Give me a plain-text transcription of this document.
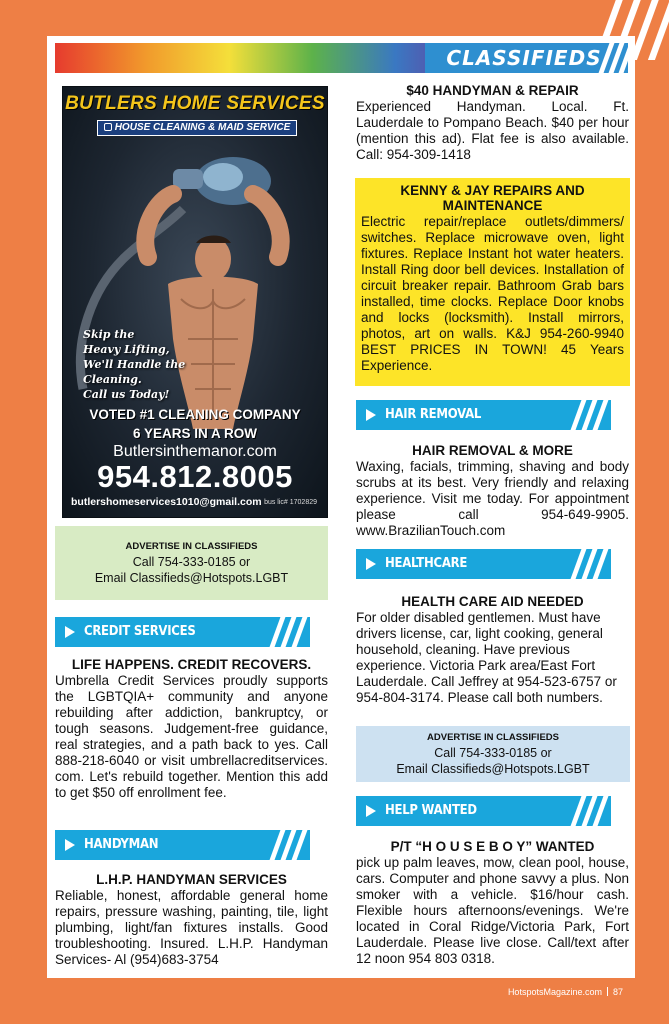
CLASSIFIEDS
BUTLERS HOME SERVICES
HOUSE CLEANING & MAID SERVICE
Skip the
Heavy Lifting,
We'll Handle the
Cleaning.
Call us Today!
VOTED #1 CLEANING COMPANY
6 YEARS IN A ROW
Butlersinthemanor.com
954.812.8005
butlershomeservices1010@gmail.com bus lic# 1702829
ADVERTISE IN CLASSIFIEDS
Call 754-333-0185 or
Email Classifieds@Hotspots.LGBT
CREDIT SERVICES
LIFE HAPPENS. CREDIT RECOVERS.
Umbrella Credit Services proudly supports the LGBTQIA+ community and anyone rebuilding after addiction, bankruptcy, or tough seasons. Judgement-free guidance, real strategies, and a path back to yes. Call 888-218-6040 or visit umbrellacreditservices. com. Let's rebuild together. Mention this add to get $50 off enrollment fee.
HANDYMAN
L.H.P. HANDYMAN SERVICES
Reliable, honest, affordable general home repairs, pressure washing, painting, tile, light plumbing, light/fan fixtures installs. Good troubleshooting. Insured. L.H.P. Handyman Services- Al (954)683-3754
$40 HANDYMAN & REPAIR
Experienced Handyman. Local. Ft. Lauderdale to Pompano Beach. $40 per hour (mention this ad). Flat fee is also available. Call: 954-309-1418
KENNY & JAY REPAIRS AND MAINTENANCE
Electric repair/replace outlets/dimmers/ switches. Replace microwave oven, light fixtures. Replace Instant hot water heaters. Install Ring door bell devices. Installation of circuit breaker repair. Bathroom Grab bars installed, time clocks. Replace Door knobs and locks (locksmith). Install mirrors, photos, art on walls. K&J 954-260-9940 BEST PRICES IN TOWN! 45 Years Experience.
HAIR REMOVAL
HAIR REMOVAL & MORE
Waxing, facials, trimming, shaving and body scrubs at its best. Very friendly and relaxing experience. Visit me today. For appointment please call 954-649-9905. www.BrazilianTouch.com
HEALTHCARE
HEALTH CARE AID NEEDED
For older disabled gentlemen. Must have drivers license, car, light cooking, general household, cleaning. Have previous experience. Victoria Park area/East Fort Lauderdale. Call Jeffrey at 954-523-6757 or 954-804-3174. Please call both numbers.
ADVERTISE IN CLASSIFIEDS
Call 754-333-0185 or
Email Classifieds@Hotspots.LGBT
HELP WANTED
P/T “H O U S E B O Y” WANTED
pick up palm leaves, mow, clean pool, house, cars. Computer and phone savvy a plus. Non smoker with a vehicle. $16/hour cash. Flexible hours afternoons/evenings. We're located in Coral Ridge/Victoria Park, Fort Lauderdale. Please live close. Call/text after 12 noon 954 803 0318.
HotspotsMagazine.com 87
